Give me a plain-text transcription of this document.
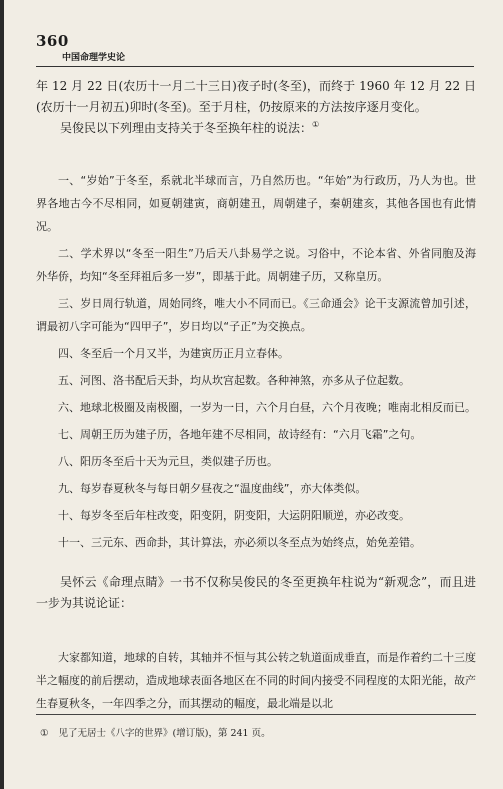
360
中国命理学史论

年 12 月 22 日(农历十一月二十三日)夜子时(冬至)，而终于 1960 年 12 月 22 日(农历十一月初五)卯时(冬至)。至于月柱，仍按原来的方法按序逐月变化。

吴俊民以下列理由支持关于冬至换年柱的说法：①

一、“岁始”于冬至，系就北半球而言，乃自然历也。“年始”为行政历，乃人为也。世界各地古今不尽相同，如夏朝建寅，商朝建丑，周朝建子，秦朝建亥，其他各国也有此情况。

二、学术界以“冬至一阳生”乃后天八卦易学之说。习俗中，不论本省、外省同胞及海外华侨，均知“冬至拜祖后多一岁”，即基于此。周朝建子历，又称皇历。

三、岁日周行轨道，周始同终，唯大小不同而已。《三命通会》论干支源流曾加引述，谓最初八字可能为“四甲子”，岁日均以“子正”为交换点。

四、冬至后一个月又半，为建寅历正月立春体。

五、河图、洛书配后天卦，均从坎宫起数。各种神煞，亦多从子位起数。

六、地球北极圈及南极圈，一岁为一日，六个月白昼，六个月夜晚；唯南北相反而已。

七、周朝王历为建子历，各地年建不尽相同，故诗经有：“六月飞霜”之句。

八、阳历冬至后十天为元旦，类似建子历也。

九、每岁春夏秋冬与每日朝夕昼夜之“温度曲线”，亦大体类似。

十、每岁冬至后年柱改变，阳变阴，阴变阳，大运阴阳顺逆，亦必改变。

十一、三元东、西命卦，其计算法，亦必须以冬至点为始终点，始免差错。

吴怀云《命理点睛》一书不仅称吴俊民的冬至更换年柱说为“新观念”，而且进一步为其说论证：

大家都知道，地球的自转，其轴并不恒与其公转之轨道面成垂直，而是作着约二十三度半之幅度的前后摆动，造成地球表面各地区在不同的时间内接受不同程度的太阳光能，故产生春夏秋冬，一年四季之分，而其摆动的幅度，最北端是以北

① 见了无居士《八字的世界》(增订版)，第 241 页。
